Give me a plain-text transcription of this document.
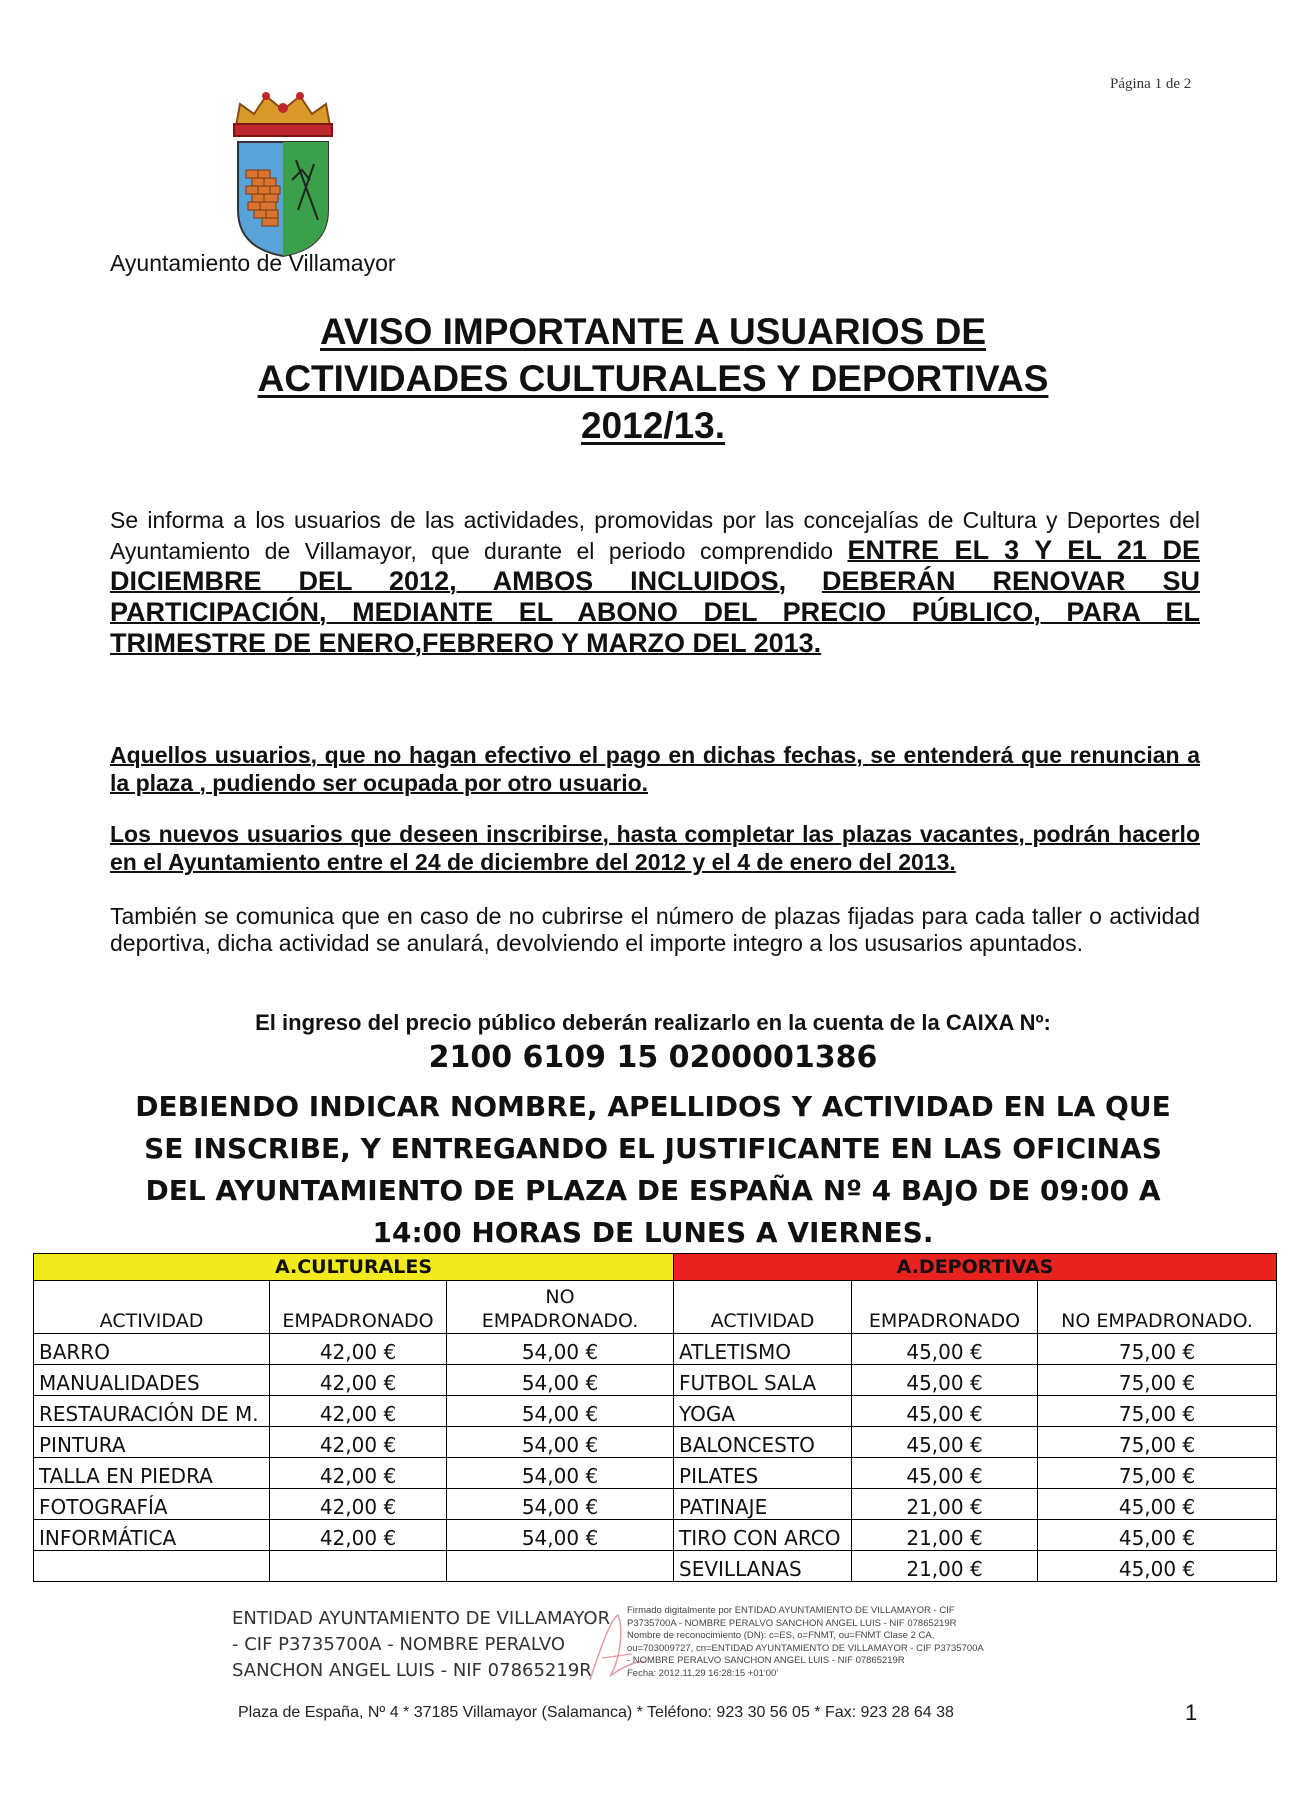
Página 1 de 2
Ayuntamiento de Villamayor
AVISO IMPORTANTE A USUARIOS DE
ACTIVIDADES CULTURALES Y DEPORTIVAS
2012/13.
Se informa a los usuarios de las actividades, promovidas por las concejalías de Cultura y Deportes del Ayuntamiento de Villamayor, que durante el periodo comprendido ENTRE EL 3 Y EL 21 DE DICIEMBRE DEL 2012, AMBOS INCLUIDOS, DEBERÁN RENOVAR SU PARTICIPACIÓN, MEDIANTE EL ABONO DEL PRECIO PÚBLICO, PARA EL TRIMESTRE DE ENERO,FEBRERO Y MARZO DEL 2013.
Aquellos usuarios, que no hagan efectivo el pago en dichas fechas, se entenderá que renuncian a la plaza , pudiendo ser ocupada por otro usuario.
Los nuevos usuarios que deseen inscribirse, hasta completar las plazas vacantes, podrán hacerlo en el Ayuntamiento entre el 24 de diciembre del 2012 y el 4 de enero del 2013.
También se comunica que en caso de no cubrirse el número de plazas fijadas para cada taller o actividad deportiva, dicha actividad se anulará, devolviendo el importe integro a los ususarios apuntados.
El ingreso del precio público deberán realizarlo en la cuenta de la CAIXA Nº:
2100 6109 15 0200001386
DEBIENDO INDICAR NOMBRE, APELLIDOS Y ACTIVIDAD EN LA QUE SE INSCRIBE, Y ENTREGANDO EL JUSTIFICANTE EN LAS OFICINAS DEL AYUNTAMIENTO DE PLAZA DE ESPAÑA Nº 4 BAJO DE 09:00 A 14:00 HORAS DE LUNES A VIERNES.
A.CULTURALES			A.DEPORTIVAS		
ACTIVIDAD	EMPADRONADO	NO EMPADRONADO.	ACTIVIDAD	EMPADRONADO	NO EMPADRONADO.
BARRO	42,00 €	54,00 €	ATLETISMO	45,00 €	75,00 €
MANUALIDADES	42,00 €	54,00 €	FUTBOL SALA	45,00 €	75,00 €
RESTAURACIÓN DE M.	42,00 €	54,00 €	YOGA	45,00 €	75,00 €
PINTURA	42,00 €	54,00 €	BALONCESTO	45,00 €	75,00 €
TALLA EN PIEDRA	42,00 €	54,00 €	PILATES	45,00 €	75,00 €
FOTOGRAFÍA	42,00 €	54,00 €	PATINAJE	21,00 €	45,00 €
INFORMÁTICA	42,00 €	54,00 €	TIRO CON ARCO	21,00 €	45,00 €
			SEVILLANAS	21,00 €	45,00 €
ENTIDAD AYUNTAMIENTO DE VILLAMAYOR
- CIF P3735700A - NOMBRE PERALVO
SANCHON ANGEL LUIS - NIF 07865219R
Firmado digitalmente por ENTIDAD AYUNTAMIENTO DE VILLAMAYOR - CIF
P3735700A - NOMBRE PERALVO SANCHON ANGEL LUIS - NIF 07865219R
Nombre de reconocimiento (DN): c=ES, o=FNMT, ou=FNMT Clase 2 CA,
ou=703009727, cn=ENTIDAD AYUNTAMIENTO DE VILLAMAYOR - CIF P3735700A
- NOMBRE PERALVO SANCHON ANGEL LUIS - NIF 07865219R
Fecha: 2012.11.29 16:28:15 +01'00'
Plaza de España, Nº 4 * 37185 Villamayor (Salamanca) * Teléfono: 923 30 56 05 * Fax: 923 28 64 38	1
